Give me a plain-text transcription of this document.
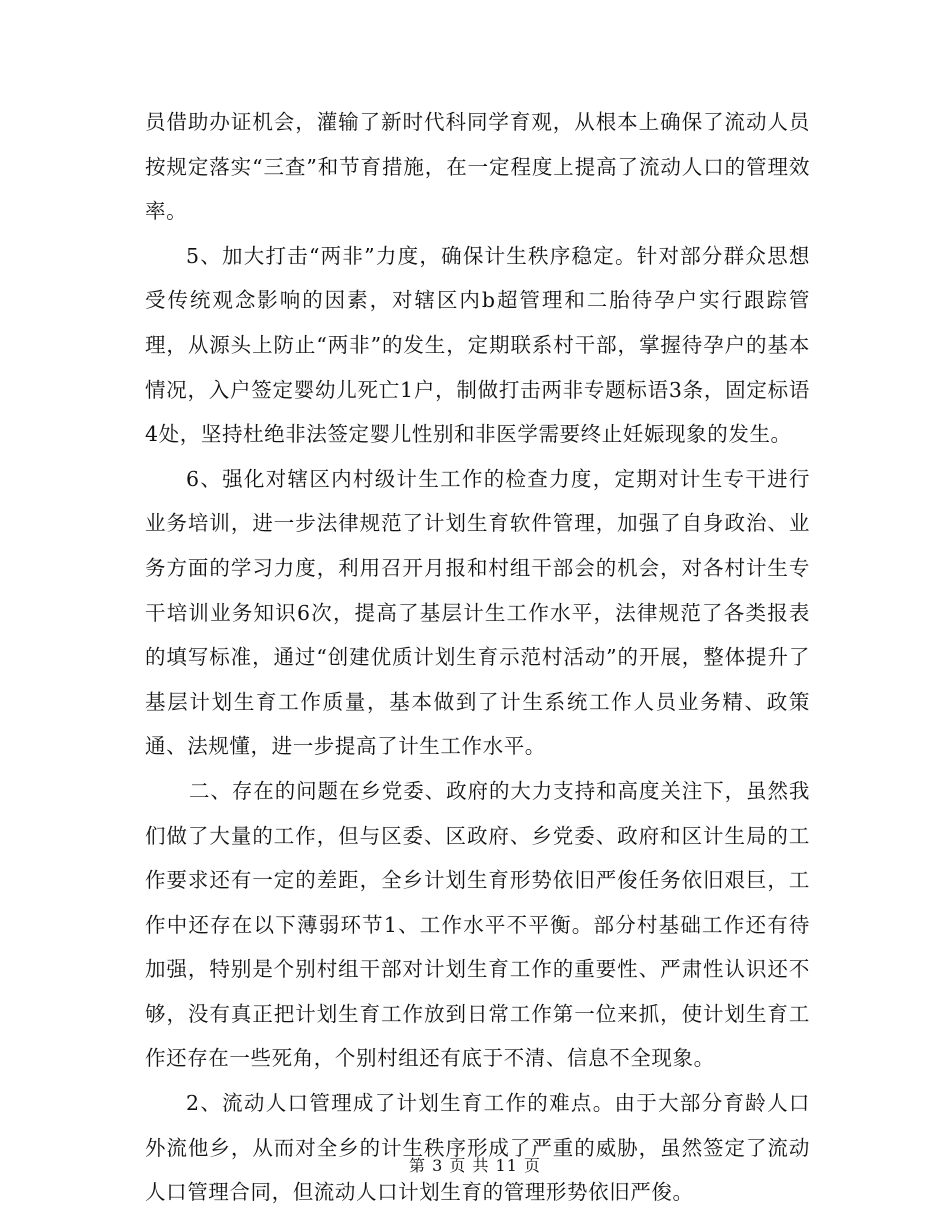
员借助办证机会，灌输了新时代科同学育观，从根本上确保了流动人员按规定落实“三查”和节育措施，在一定程度上提高了流动人口的管理效率。

5、加大打击“两非”力度，确保计生秩序稳定。针对部分群众思想受传统观念影响的因素，对辖区内b超管理和二胎待孕户实行跟踪管理，从源头上防止“两非”的发生，定期联系村干部，掌握待孕户的基本情况，入户签定婴幼儿死亡1户，制做打击两非专题标语3条，固定标语4处，坚持杜绝非法签定婴儿性别和非医学需要终止妊娠现象的发生。

6、强化对辖区内村级计生工作的检查力度，定期对计生专干进行业务培训，进一步法律规范了计划生育软件管理，加强了自身政治、业务方面的学习力度，利用召开月报和村组干部会的机会，对各村计生专干培训业务知识6次，提高了基层计生工作水平，法律规范了各类报表的填写标准，通过“创建优质计划生育示范村活动”的开展，整体提升了基层计划生育工作质量，基本做到了计生系统工作人员业务精、政策通、法规懂，进一步提高了计生工作水平。

二、存在的问题在乡党委、政府的大力支持和高度关注下，虽然我们做了大量的工作，但与区委、区政府、乡党委、政府和区计生局的工作要求还有一定的差距，全乡计划生育形势依旧严俊任务依旧艰巨，工作中还存在以下薄弱环节1、工作水平不平衡。部分村基础工作还有待加强，特别是个别村组干部对计划生育工作的重要性、严肃性认识还不够，没有真正把计划生育工作放到日常工作第一位来抓，使计划生育工作还存在一些死角，个别村组还有底于不清、信息不全现象。

2、流动人口管理成了计划生育工作的难点。由于大部分育龄人口外流他乡，从而对全乡的计生秩序形成了严重的威胁，虽然签定了流动人口管理合同，但流动人口计划生育的管理形势依旧严俊。

第 3 页 共 11 页
